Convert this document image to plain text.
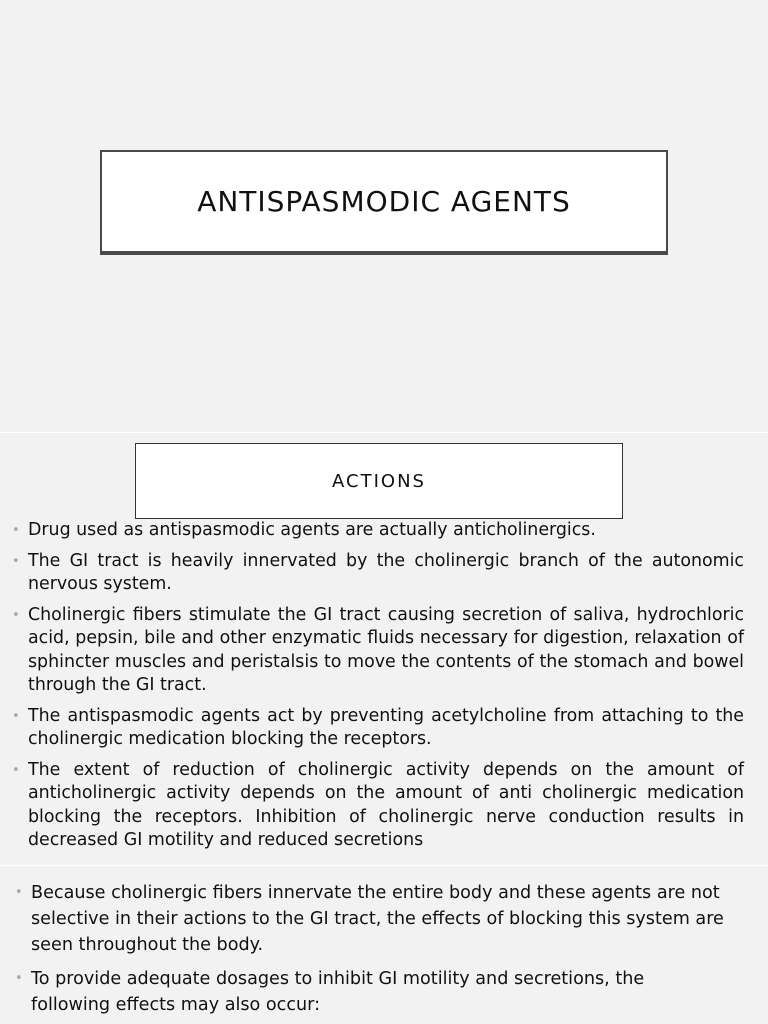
ANTISPASMODIC AGENTS
ACTIONS
• Drug used as antispasmodic agents are actually anticholinergics.
• The GI tract is heavily innervated by the cholinergic branch of the autonomic nervous system.
• Cholinergic fibers stimulate the GI tract causing secretion of saliva, hydrochloric acid, pepsin, bile and other enzymatic fluids necessary for digestion, relaxation of sphincter muscles and peristalsis to move the contents of the stomach and bowel through the GI tract.
• The antispasmodic agents act by preventing acetylcholine from attaching to the cholinergic medication blocking the receptors.
• The extent of reduction of cholinergic activity depends on the amount of anticholinergic activity depends on the amount of anti cholinergic medication blocking the receptors. Inhibition of cholinergic nerve conduction results in decreased GI motility and reduced secretions
• Because cholinergic fibers innervate the entire body and these agents are not selective in their actions to the GI tract, the effects of blocking this system are seen throughout the body.
• To provide adequate dosages to inhibit GI motility and secretions, the following effects may also occur:
